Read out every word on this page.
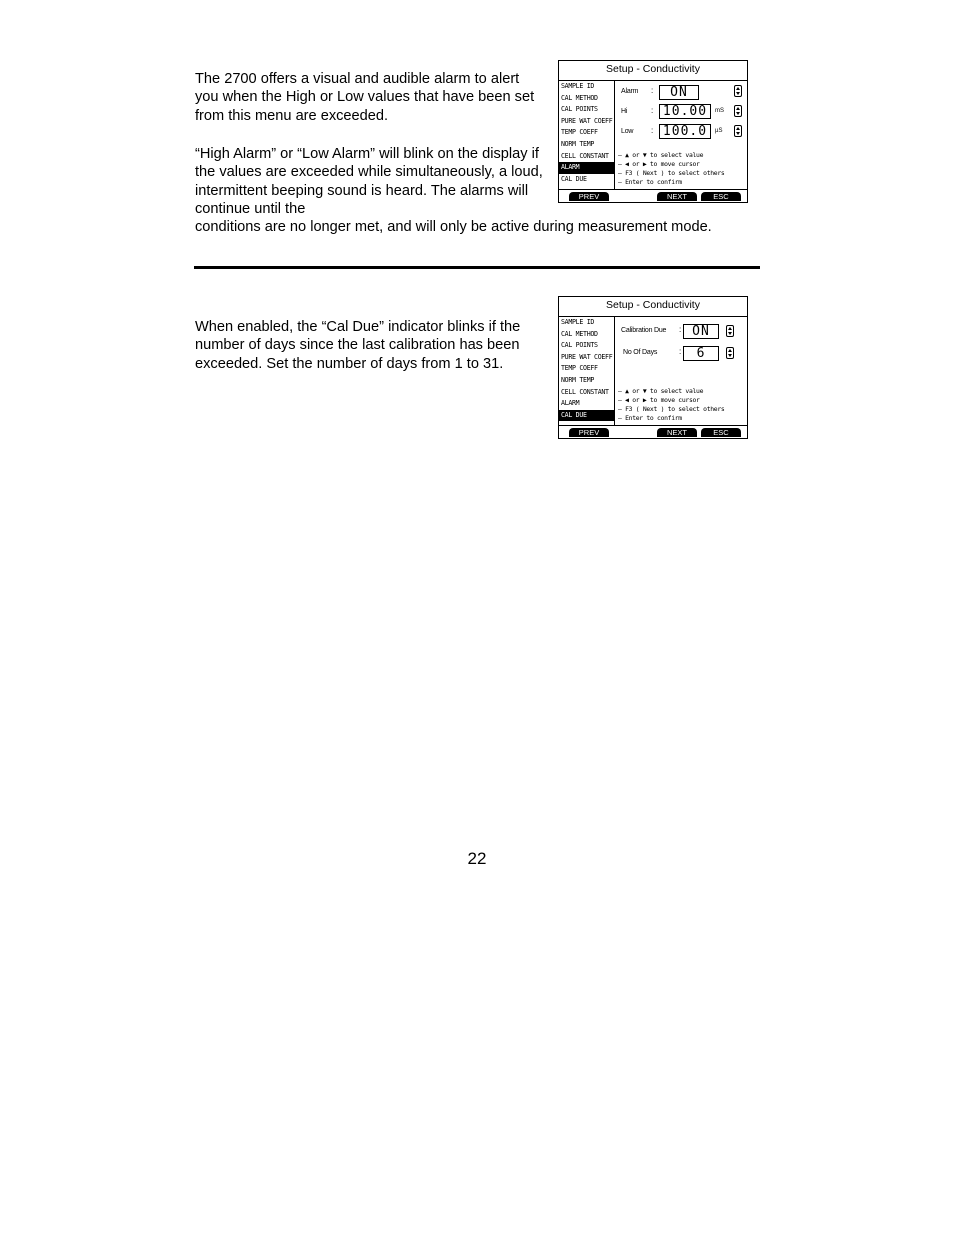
The 2700 offers a visual and audible alarm to alert you when the High or Low values that have been set from this menu are exceeded.

“High Alarm” or “Low Alarm” will blink on the display if the values are exceeded while simultaneously, a loud, intermittent beeping sound is heard. The alarms will continue until the
conditions are no longer met, and will only be active during measurement mode.

Setup - Conductivity
SAMPLE ID
CAL METHOD
CAL POINTS
PURE WAT COEFF
TEMP COEFF
NORM TEMP
CELL CONSTANT
ALARM
CAL DUE
Alarm :	ON
Hi	: 10.00	mS
Low : 100.0	µS
– ▲ or ▼ to select value
– ◀ or ▶ to move cursor
– F3 ( Next ) to select others
– Enter to confirm
PREV	NEXT	ESC

When enabled, the “Cal Due” indicator blinks if the number of days since the last calibration has been exceeded. Set the number of days from 1 to 31.

Setup - Conductivity
SAMPLE ID
CAL METHOD
CAL POINTS
PURE WAT COEFF
TEMP COEFF
NORM TEMP
CELL CONSTANT
ALARM
CAL DUE
Calibration Due : ON
No Of Days	:	6
– ▲ or ▼ to select value
– ◀ or ▶ to move cursor
– F3 ( Next ) to select others
– Enter to confirm
PREV	NEXT	ESC
22
